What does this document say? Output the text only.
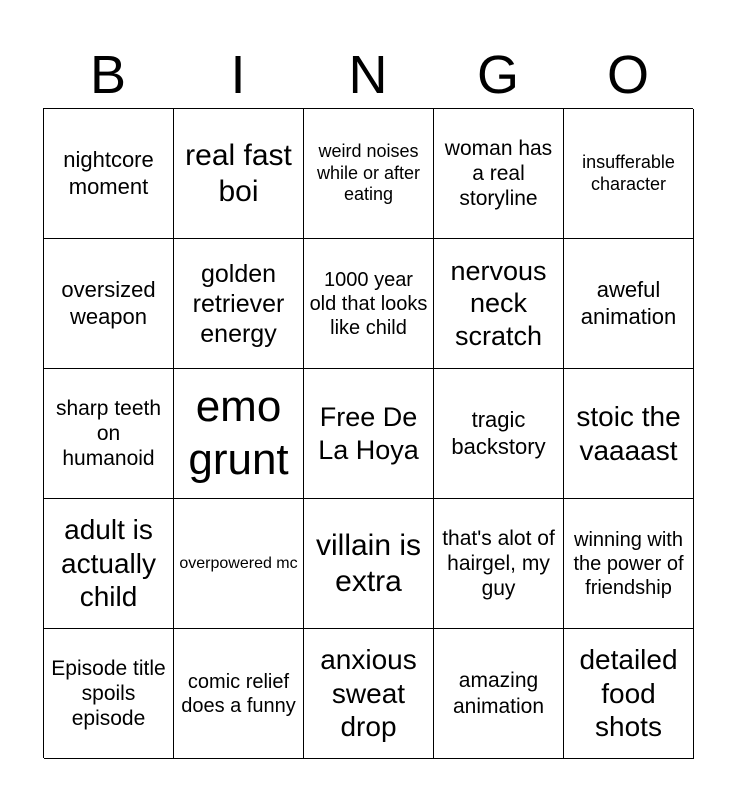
B	I	N	G	O
nightcore moment
real fast boi
weird noises while or after eating
woman has a real storyline
insufferable character
oversized weapon
golden retriever energy
1000 year old that looks like child
nervous neck scratch
aweful animation
sharp teeth on humanoid
emo grunt
Free De La Hoya
tragic backstory
stoic the vaaaast
adult is actually child
overpowered mc
villain is extra
that's alot of hairgel, my guy
winning with the power of friendship
Episode title spoils episode
comic relief does a funny
anxious sweat drop
amazing animation
detailed food shots
